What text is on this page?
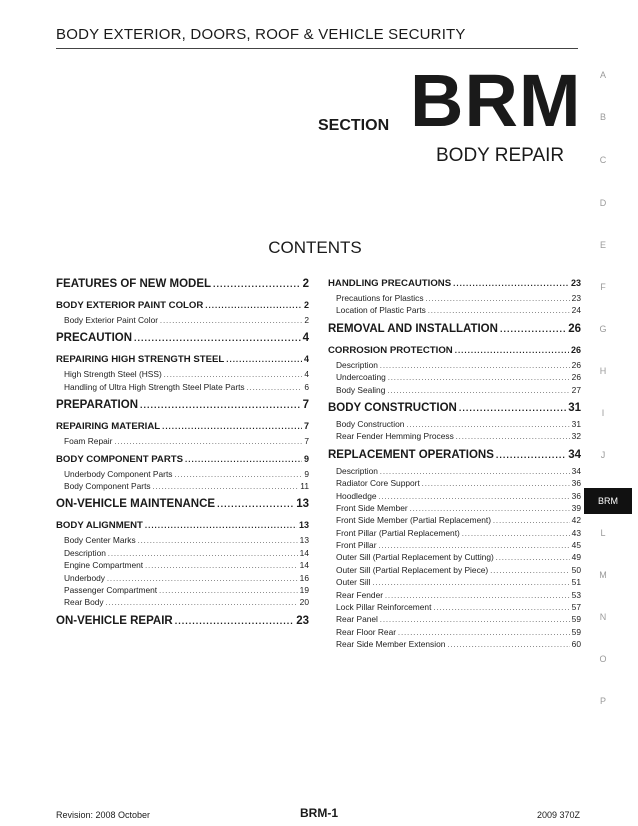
BODY EXTERIOR, DOORS, ROOF & VEHICLE SECURITY
SECTION BRM
BODY REPAIR
CONTENTS
FEATURES OF NEW MODEL .....	2
BODY EXTERIOR PAINT COLOR .....	2
Body Exterior Paint Color .....	2
PRECAUTION .....	4
REPAIRING HIGH STRENGTH STEEL .....	4
High Strength Steel (HSS) .....	4
Handling of Ultra High Strength Steel Plate Parts .....	6
PREPARATION .....	7
REPAIRING MATERIAL .....	7
Foam Repair .....	7
BODY COMPONENT PARTS .....	9
Underbody Component Parts .....	9
Body Component Parts .....	11
ON-VEHICLE MAINTENANCE .....	13
BODY ALIGNMENT .....	13
Body Center Marks .....	13
Description .....	14
Engine Compartment .....	14
Underbody .....	16
Passenger Compartment .....	19
Rear Body .....	20
ON-VEHICLE REPAIR .....	23
HANDLING PRECAUTIONS .....	23
Precautions for Plastics .....	23
Location of Plastic Parts .....	24
REMOVAL AND INSTALLATION .....	26
CORROSION PROTECTION .....	26
Description .....	26
Undercoating .....	26
Body Sealing .....	27
BODY CONSTRUCTION .....	31
Body Construction .....	31
Rear Fender Hemming Process .....	32
REPLACEMENT OPERATIONS .....	34
Description .....	34
Radiator Core Support .....	36
Hoodledge .....	36
Front Side Member .....	39
Front Side Member (Partial Replacement) .....	42
Front Pillar (Partial Replacement) .....	43
Front Pillar .....	45
Outer Sill (Partial Replacement by Cutting) .....	49
Outer Sill (Partial Replacement by Piece) .....	50
Outer Sill .....	51
Rear Fender .....	53
Lock Pillar Reinforcement .....	57
Rear Panel .....	59
Rear Floor Rear .....	59
Rear Side Member Extension .....	60
A
B
C
D
E
F
G
H
I
J
BRM
L
M
N
O
P
Revision: 2008 October	BRM-1	2009 370Z
